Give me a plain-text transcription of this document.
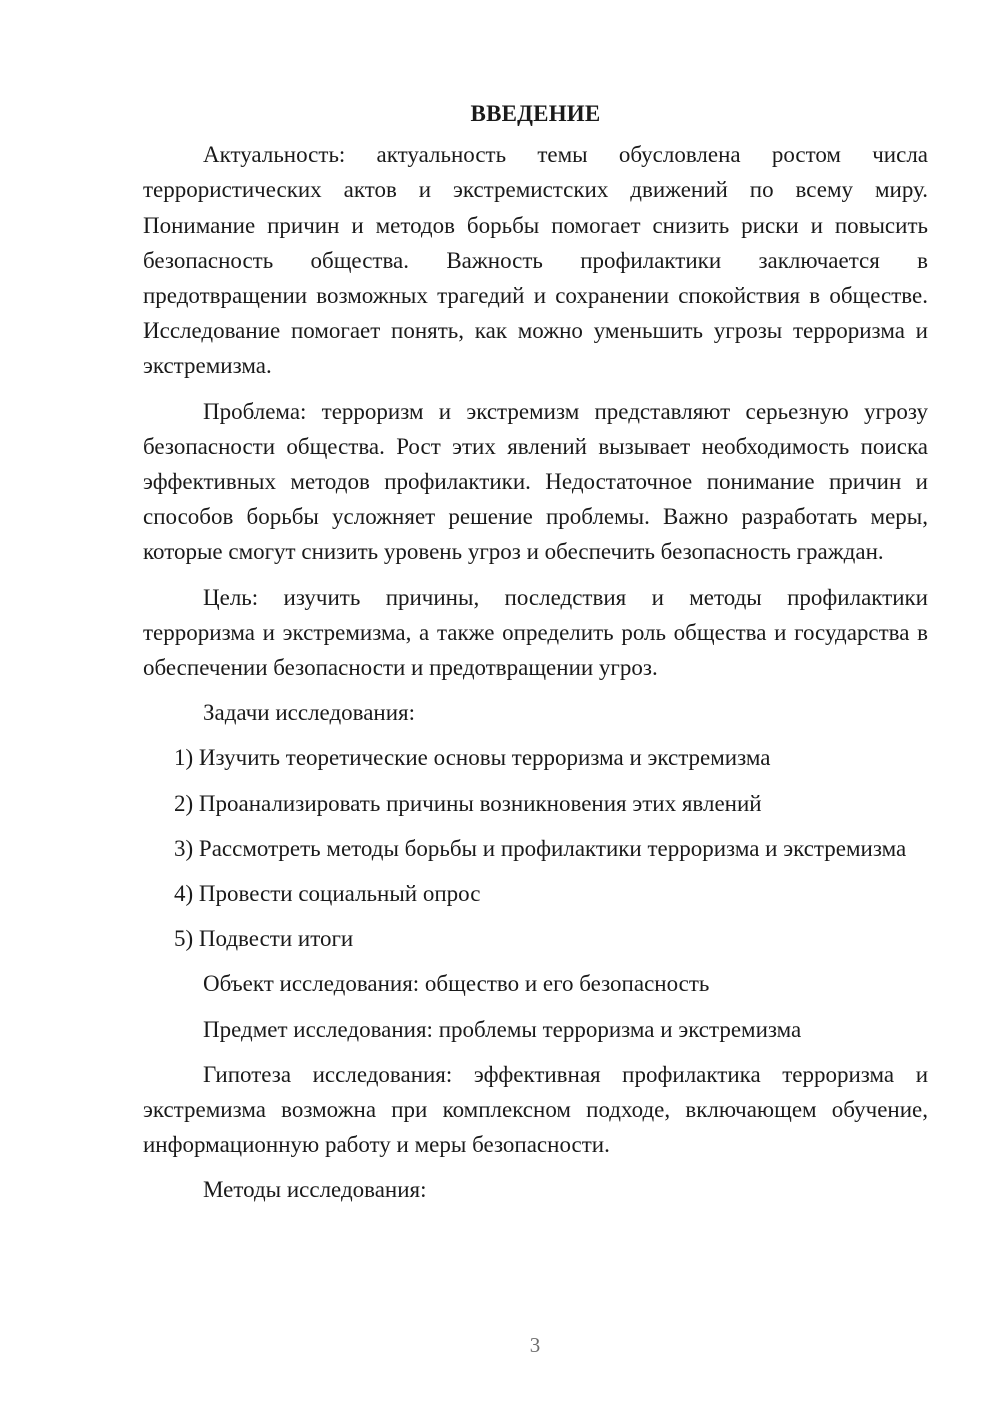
ВВЕДЕНИЕ

Актуальность: актуальность темы обусловлена ростом числа террористических актов и экстремистских движений по всему миру. Понимание причин и методов борьбы помогает снизить риски и повысить безопасность общества. Важность профилактики заключается в предотвращении возможных трагедий и сохранении спокойствия в обществе. Исследование помогает понять, как можно уменьшить угрозы терроризма и экстремизма.

Проблема: терроризм и экстремизм представляют серьезную угрозу безопасности общества. Рост этих явлений вызывает необходимость поиска эффективных методов профилактики. Недостаточное понимание причин и способов борьбы усложняет решение проблемы. Важно разработать меры, которые смогут снизить уровень угроз и обеспечить безопасность граждан.

Цель: изучить причины, последствия и методы профилактики терроризма и экстремизма, а также определить роль общества и государства в обеспечении безопасности и предотвращении угроз.

Задачи исследования:

1) Изучить теоретические основы терроризма и экстремизма

2) Проанализировать причины возникновения этих явлений

3) Рассмотреть методы борьбы и профилактики терроризма и экстремизма

4) Провести социальный опрос

5) Подвести итоги

Объект исследования: общество и его безопасность

Предмет исследования: проблемы терроризма и экстремизма

Гипотеза исследования: эффективная профилактика терроризма и экстремизма возможна при комплексном подходе, включающем обучение, информационную работу и меры безопасности.

Методы исследования:

3
